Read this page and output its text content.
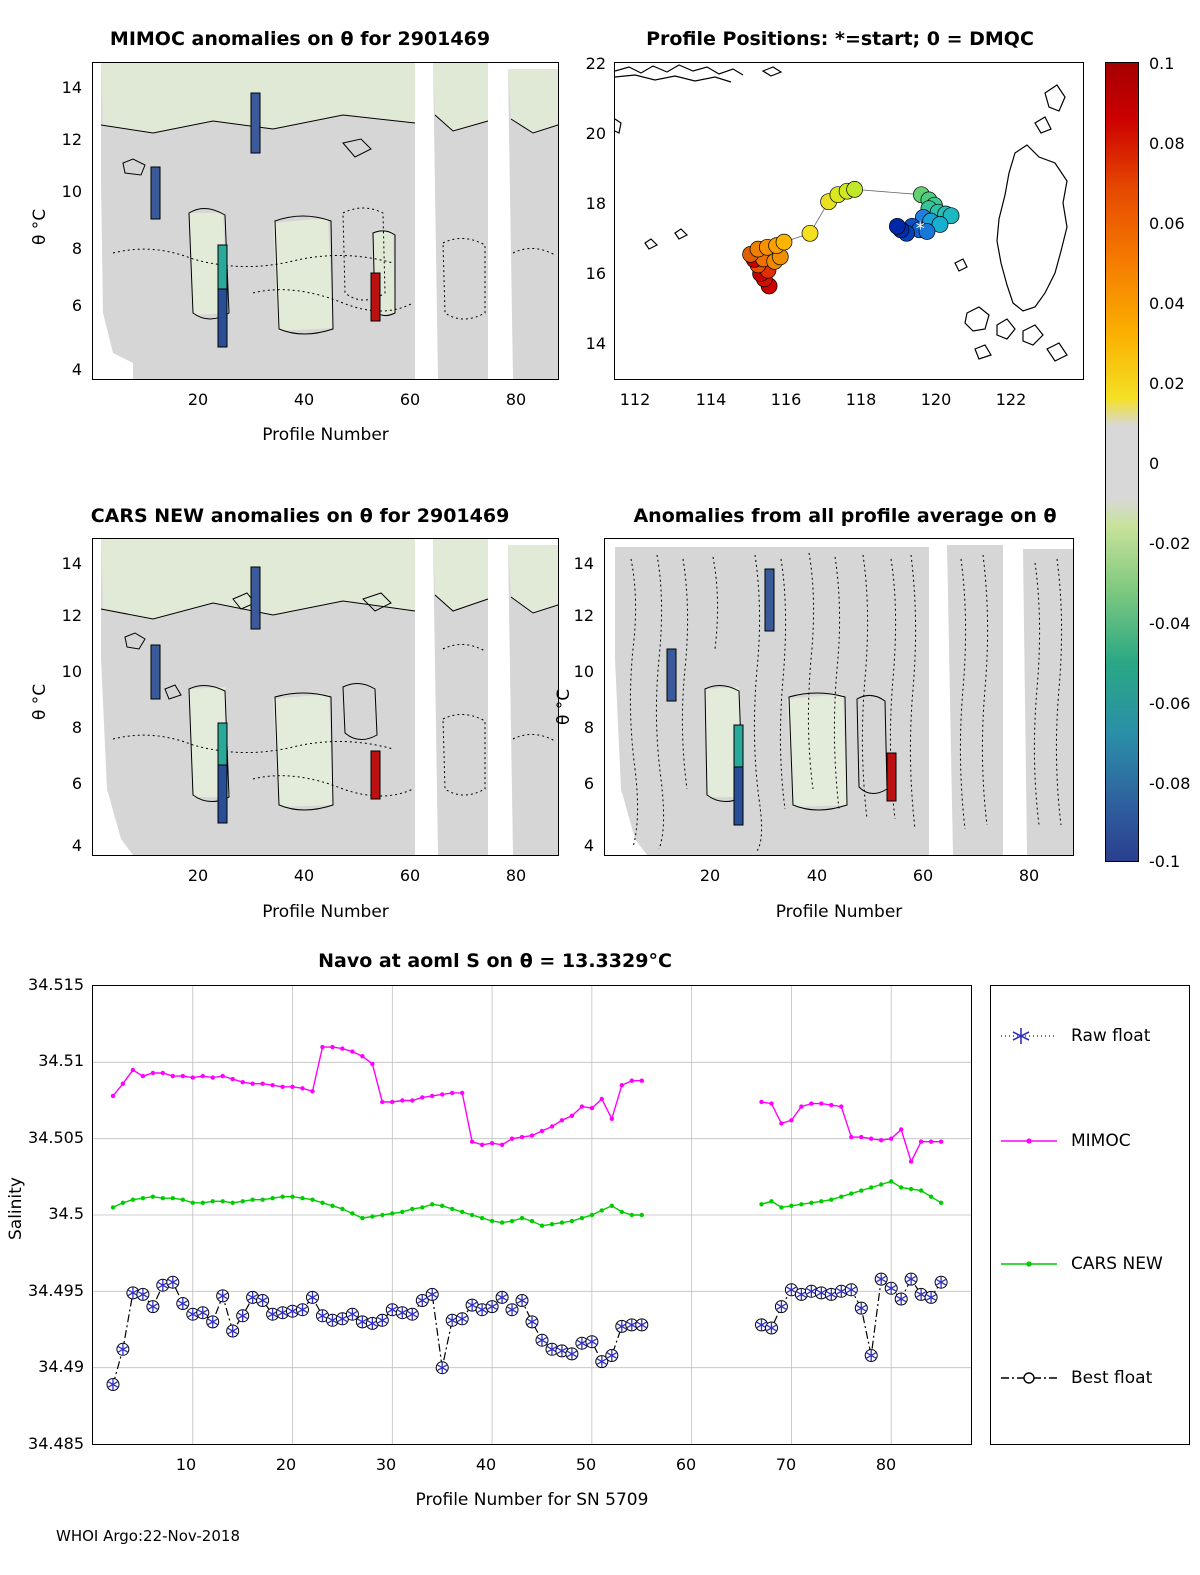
MIMOC anomalies on θ for 2901469
θ °C
14
12
10
8
6
4
20	40	60	80
Profile Number
Profile Positions: *=start; 0 = DMQC
*
22
20
18
16
14
112	114	116	118	120	122
0.1
0.08
0.06
0.04
0.02
0
-0.02
-0.04
-0.06
-0.08
-0.1
CARS NEW anomalies on θ for 2901469
θ °C
14
12
10
8
6
4
20	40	60	80
Profile Number
Anomalies from all profile average on θ
θ °C
14
12
10
8
6
4
20	40	60	80
Profile Number
Navo at aoml S on θ = 13.3329°C
Salinity
34.515
34.51
34.505
34.5
34.495
34.49
34.485
10	20	30	40	50	60	70	80
Profile Number for SN 5709
Raw float
MIMOC
CARS NEW
Best float
WHOI Argo:22-Nov-2018
